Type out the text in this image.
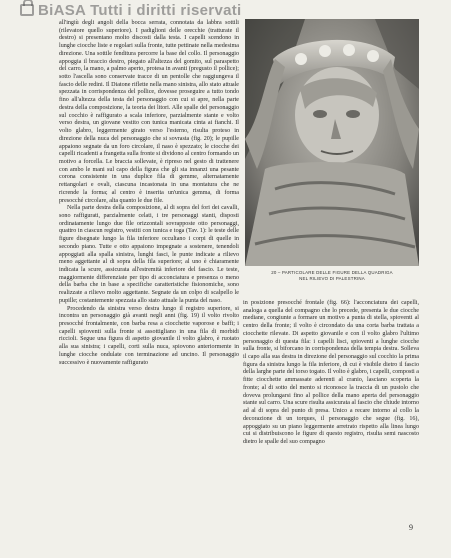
BiASA Tutti i diritti riservati

all'ingiù degli angoli della bocca serrata, connotata da labbra sottili (rilevatore quello superiore). I padiglioni delle orecchie (tratturate il destro) si presentano molto discosti dalla testa. I capelli scendono in lunghe ciocche liste e regolari sulla fronte, tutte pettinate nella medesima direzione. Una sottile fenditura percorre la base del collo. Il personaggio appoggia il braccio destro, piegato all'altezza del gomito, sul paraspetto del carro, la mano, a palmo aperto, protesa in avanti (pregusto il pollice); sotto l'ascella sono conservate tracce di un pentolle che raggiungeva il fascio delle redini. Il Diatone riflette nella mano sinistra, allo stato attuale spezzata in corrispondenza del pollice, dovesse proseguire a tutto tondo fino all'altezza della testa del personaggio con cui si apre, nella parte destra della composizione, la teoria dei litori. Alle spalle del personaggio sul cocchio è raffigurato a scala inferiore, parzialmente stante e volto verso destra, un giovane vestito con tunica manicata cinta ai fianchi. Il volto glabro, leggermente girato verso l'esterno, risulta proteso in direzione della nuca del personaggio che si sovrasta (fig. 20); le pupille appaiono segnate da un foro circolare, il naso è spezzato; le ciocche dei capelli ricadenti a frangetta sulla fronte si dividono al centro formando un motivo a forcella. Le braccia sollevate, è ripreso nel gesto di trattenere con ambo le mani sul capo della figura che gli sta innanzi una pesante corona consistente in una duplice fila di gemme, alternatamente rettangolari e ovali, ciascuna incastonata in una montatura che ne ricrende la forma; al centro è inserita un'unica gemma, di forma presocché circolare, alta quanto le due file.

Nella parte destra della composizione, al di sopra del fori dei cavalli, sono raffigurati, parzialmente celati, i tre personaggi stanti, disposti ordinatamente lungo due file orizzontali sovrapposte otto personaggi, quattro in ciascun registro, vestiti con tunica e toga (Tav. 1): le teste delle figure disegnate lungo la fila inferiore occultano i corpi di quelle in secondo piano. Tutte e otto appaiono impegnate a sostenere, tenendoli appoggiati alla spalla sinistra, lunghi fasci, le punte indicate a rilievo meno aggettante al di sopra della fila superiore; al uno è chiaramente indicata la scure, assicurata all'estremità inferiore del fascio. Le teste, maggiormente differenziate per tipo di acconciatura e presenza o meno della barba che in base a specifiche caratteristiche fisionomiche, sono realizzate a rilievo molto aggettante. Segnate da un colpo di scalpello le pupille; costantemente spezzata allo stato attuale la punta del naso.

Procedendo da sinistra verso destra lungo il registro superiore, si incontra un personaggio già avanti negli anni (fig. 19) il volto rivolto presocché frontalmente, con barba resa a ciocchette vaporose e baffi; i capelli spioventi sulla fronte si assottigliano in una fila di morbidi riccioli. Segue una figura di aspetto giovanile il volto glabro, è ruotato alla sua sinistra; i capelli, corti sulla nuca, spiovono anteriormente in lunghe ciocche ondulate con terminazione ad uncino. Il personaggio successivo è nuovamente raffigurato

20 – PARTICOLARE DELLE FIGURE DELLA QUADRIGA
NEL RILIEVO DI PALESTRINA

in posizione presocché frontale (fig. 66): l'acconciatura dei capelli, analoga a quella del compagno che lo precede, presenta le due ciocche mediane, congiunte a formare un motivo a punta di stella, spioventi al centro della fronte; il volto è circondato da una corta barba trattata a ciocchette rilevate. Di aspetto giovanile e con il volto glabro l'ultimo personaggio di questa fila: i capelli lisci, spioventi a lunghe ciocche sulla fronte, si biforcano in corrispondenza della tempia destra. Solleva il capo alla sua destra in direzione del personaggio sul cocchio la prima figura da sinistra lungo la fila inferiore, di cui è visibile dietro il fascio della larghe parte del torso togato. Il volto è glabro, i capelli, composti a fitte ciocchette ammassate aderenti al cranio, lasciano scoperta la fronte; al di sotto del mento si riconosce la traccia di un pustolo che doveva prolungarsi fino al pollice della mano aperta del personaggio stante sul carro. Una scure risulta assicurata al fascio che chiude intorno ad al di sopra del punto di presa. Unico a recare intorno al collo la decorazione di un torques, il personaggio che segue (fig. 16), appoggiato su un piano leggermente arretrato rispetto alla linea lungo cui si distribuiscono le figure di questo registro, risulta semi nascosto dietro le spalle del suo compagno

9
